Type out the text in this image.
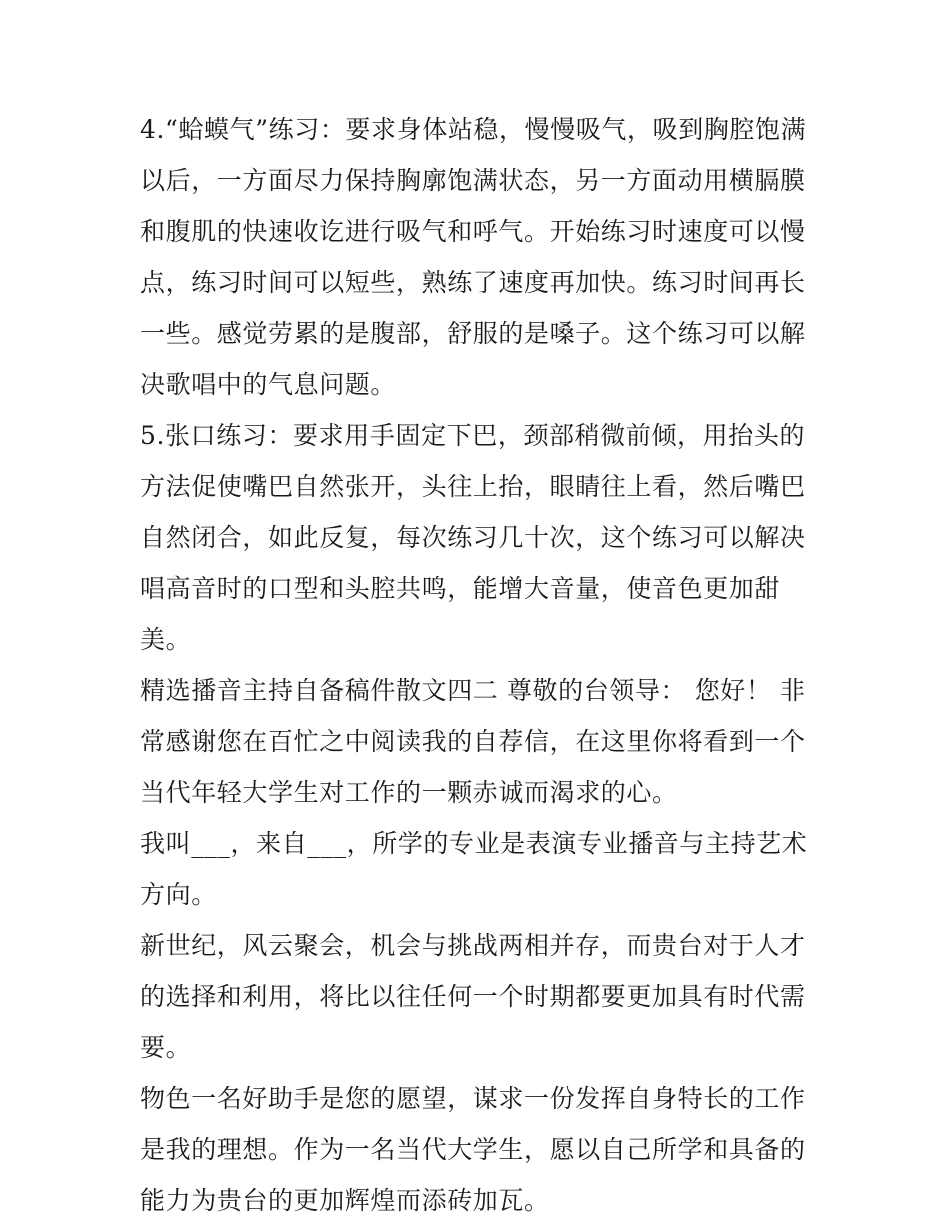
4.“蛤蟆气”练习：要求身体站稳，慢慢吸气，吸到胸腔饱满以后，一方面尽力保持胸廓饱满状态，另一方面动用横膈膜和腹肌的快速收讫进行吸气和呼气。开始练习时速度可以慢点，练习时间可以短些，熟练了速度再加快。练习时间再长一些。感觉劳累的是腹部，舒服的是嗓子。这个练习可以解决歌唱中的气息问题。

5.张口练习：要求用手固定下巴，颈部稍微前倾，用抬头的方法促使嘴巴自然张开，头往上抬，眼睛往上看，然后嘴巴自然闭合，如此反复，每次练习几十次，这个练习可以解决唱高音时的口型和头腔共鸣，能增大音量，使音色更加甜美。

精选播音主持自备稿件散文四二 尊敬的台领导： 您好！ 非常感谢您在百忙之中阅读我的自荐信，在这里你将看到一个当代年轻大学生对工作的一颗赤诚而渴求的心。

我叫___，来自___，所学的专业是表演专业播音与主持艺术方向。

新世纪，风云聚会，机会与挑战两相并存，而贵台对于人才的选择和利用，将比以往任何一个时期都要更加具有时代需要。

物色一名好助手是您的愿望，谋求一份发挥自身特长的工作是我的理想。作为一名当代大学生，愿以自己所学和具备的能力为贵台的更加辉煌而添砖加瓦。
